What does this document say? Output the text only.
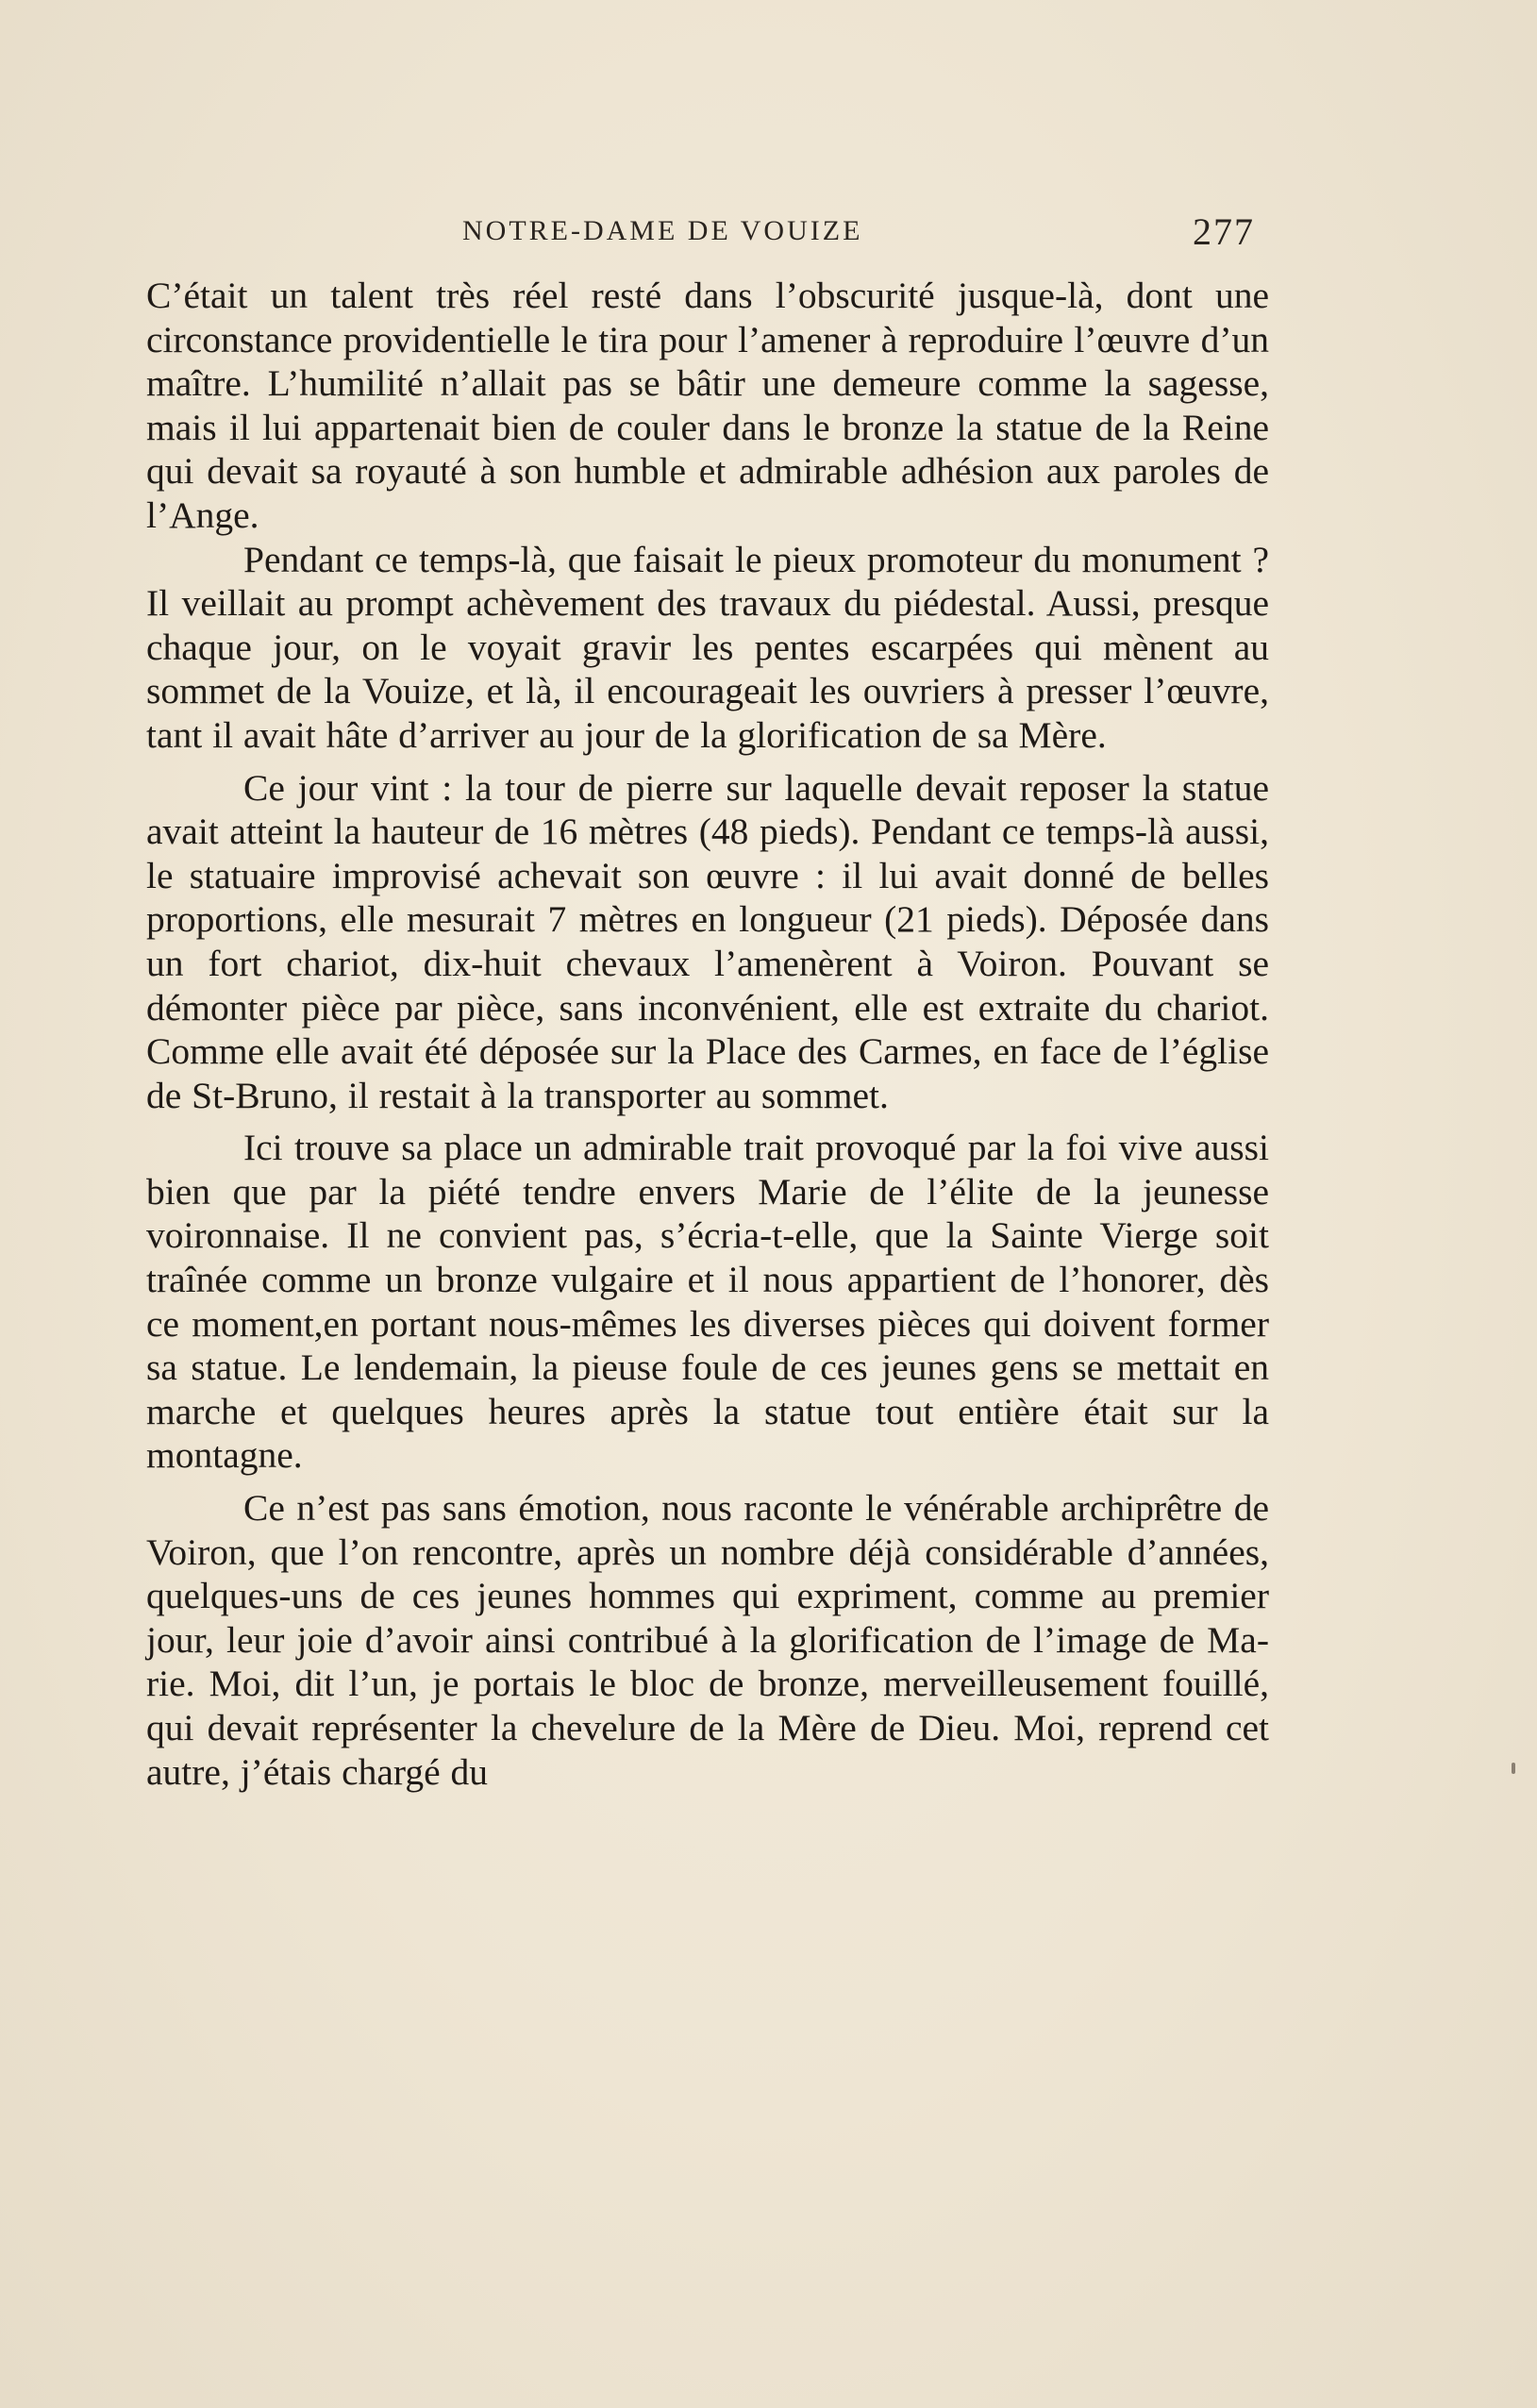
NOTRE-DAME DE VOUIZE	277

C’était un talent très réel resté dans l’obscurité jusque-là, dont une circonstance providentielle le tira pour l’amener à reproduire l’œuvre d’un maître. L’humilité n’allait pas se bâtir une demeure comme la sagesse, mais il lui appartenait bien de couler dans le bronze la statue de la Reine qui devait sa royauté à son humble et admirable adhésion aux paroles de l’Ange.

Pendant ce temps-là, que faisait le pieux promoteur du monument ? Il veillait au prompt achèvement des travaux du piédestal. Aussi, presque chaque jour, on le voyait gravir les pentes escarpées qui mènent au sommet de la Vouize, et là, il encourageait les ouvriers à presser l’œuvre, tant il avait hâte d’arriver au jour de la glorification de sa Mère.

Ce jour vint : la tour de pierre sur laquelle devait reposer la statue avait atteint la hauteur de 16 mètres (48 pieds). Pendant ce temps-là aussi, le statuaire improvisé achevait son œuvre : il lui avait donné de belles proportions, elle mesurait 7 mètres en longueur (21 pieds). Déposée dans un fort chariot, dix-huit chevaux l’amenèrent à Voiron. Pouvant se démonter pièce par pièce, sans inconvénient, elle est extraite du chariot. Comme elle avait été déposée sur la Place des Carmes, en face de l’église de St-Bruno, il restait à la transporter au sommet.

Ici trouve sa place un admirable trait provoqué par la foi vive aussi bien que par la piété tendre envers Marie de l’élite de la jeunesse voironnaise. Il ne convient pas, s’écria-t-elle, que la Sainte Vierge soit traînée comme un bronze vulgaire et il nous appartient de l’honorer, dès ce moment,en portant nous-mêmes les diverses pièces qui doivent former sa statue. Le lendemain, la pieuse foule de ces jeunes gens se mettait en marche et quelques heures après la statue tout entière était sur la montagne.

Ce n’est pas sans émotion, nous raconte le vénérable archiprêtre de Voiron, que l’on rencontre, après un nombre déjà considérable d’années, quelques-uns de ces jeunes hommes qui expriment, comme au premier jour, leur joie d’avoir ainsi contribué à la glorification de l’image de Marie. Moi, dit l’un, je portais le bloc de bronze, merveilleusement fouillé, qui devait représenter la chevelure de la Mère de Dieu. Moi, reprend cet autre, j’étais chargé du
